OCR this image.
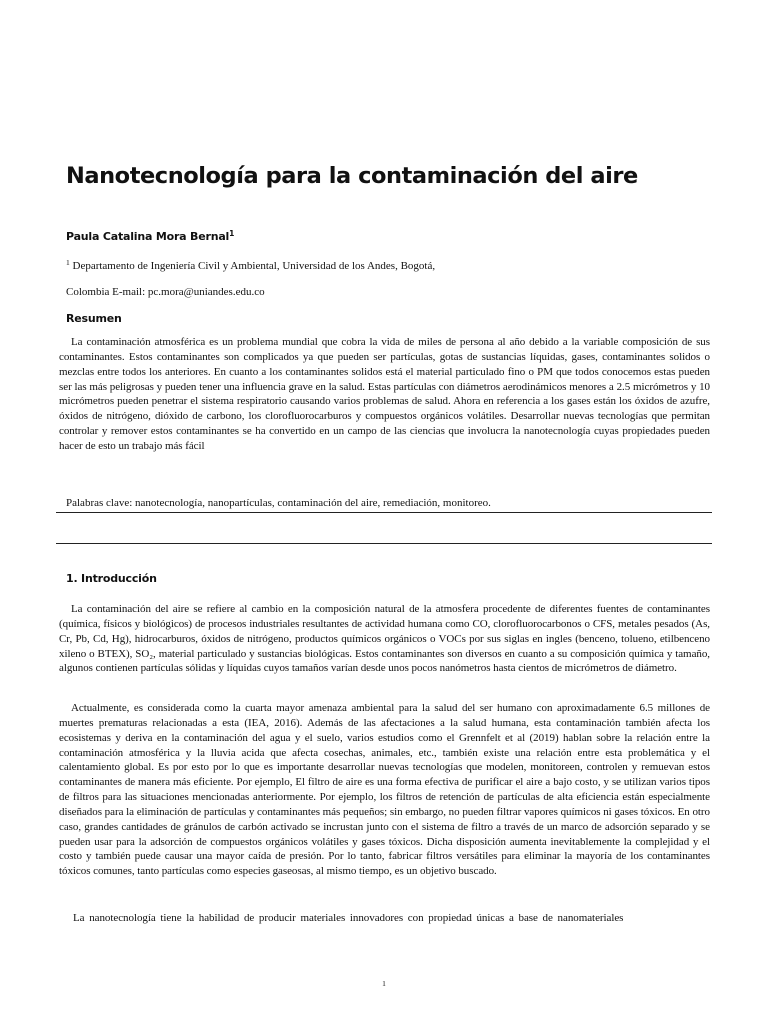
Nanotecnología para la contaminación del aire

Paula Catalina Mora Bernal$^1$

$^1$ Departamento de Ingeniería Civil y Ambiental, Universidad de los Andes, Bogotá,

Colombia E-mail: pc.mora@uniandes.edu.co

Resumen

La contaminación atmosférica es un problema mundial que cobra la vida de miles de persona al año debido a la variable composición de sus contaminantes. Estos contaminantes son complicados ya que pueden ser partículas, gotas de sustancias líquidas, gases, contaminantes solidos o mezclas entre todos los anteriores. En cuanto a los contaminantes solidos está el material particulado fino o PM que todos conocemos estas pueden ser las más peligrosas y pueden tener una influencia grave en la salud. Estas partículas con diámetros aerodinámicos menores a 2.5 micrómetros y 10 micrómetros pueden penetrar el sistema respiratorio causando varios problemas de salud. Ahora en referencia a los gases están los óxidos de azufre, óxidos de nitrógeno, dióxido de carbono, los clorofluorocarburos y compuestos orgánicos volátiles. Desarrollar nuevas tecnologías que permitan controlar y remover estos contaminantes se ha convertido en un campo de las ciencias que involucra la nanotecnología cuyas propiedades pueden hacer de esto un trabajo más fácil

Palabras clave: nanotecnología, nanopartículas, contaminación del aire, remediación, monitoreo.

1. Introducción

La contaminación del aire se refiere al cambio en la composición natural de la atmosfera procedente de diferentes fuentes de contaminantes (química, físicos y biológicos) de procesos industriales resultantes de actividad humana como CO, clorofluorocarbonos o CFS, metales pesados (As, Cr, Pb, Cd, Hg), hidrocarburos, óxidos de nitrógeno, productos químicos orgánicos o VOCs por sus siglas en ingles (benceno, tolueno, etilbenceno xileno o BTEX), SO₂, material particulado y sustancias biológicas. Estos contaminantes son diversos en cuanto a su composición química y tamaño, algunos contienen partículas sólidas y líquidas cuyos tamaños varían desde unos pocos nanómetros hasta cientos de micrómetros de diámetro.

Actualmente, es considerada como la cuarta mayor amenaza ambiental para la salud del ser humano con aproximadamente 6.5 millones de muertes prematuras relacionadas a esta (IEA, 2016). Además de las afectaciones a la salud humana, esta contaminación también afecta los ecosistemas y deriva en la contaminación del agua y el suelo, varios estudios como el Grennfelt et al (2019) hablan sobre la relación entre la contaminación atmosférica y la lluvia acida que afecta cosechas, animales, etc., también existe una relación entre esta problemática y el calentamiento global. Es por esto por lo que es importante desarrollar nuevas tecnologías que modelen, monitoreen, controlen y remuevan estos contaminantes de manera más eficiente. Por ejemplo, El filtro de aire es una forma efectiva de purificar el aire a bajo costo, y se utilizan varios tipos de filtros para las situaciones mencionadas anteriormente. Por ejemplo, los filtros de retención de partículas de alta eficiencia están especialmente diseñados para la eliminación de partículas y contaminantes más pequeños; sin embargo, no pueden filtrar vapores químicos ni gases tóxicos. En otro caso, grandes cantidades de gránulos de carbón activado se incrustan junto con el sistema de filtro a través de un marco de adsorción separado y se pueden usar para la adsorción de compuestos orgánicos volátiles y gases tóxicos. Dicha disposición aumenta inevitablemente la complejidad y el costo y también puede causar una mayor caída de presión. Por lo tanto, fabricar filtros versátiles para eliminar la mayoría de los contaminantes tóxicos comunes, tanto partículas como especies gaseosas, al mismo tiempo, es un objetivo buscado.

La nanotecnología tiene la habilidad de producir materiales innovadores con propiedad únicas a base de nanomateriales

1
